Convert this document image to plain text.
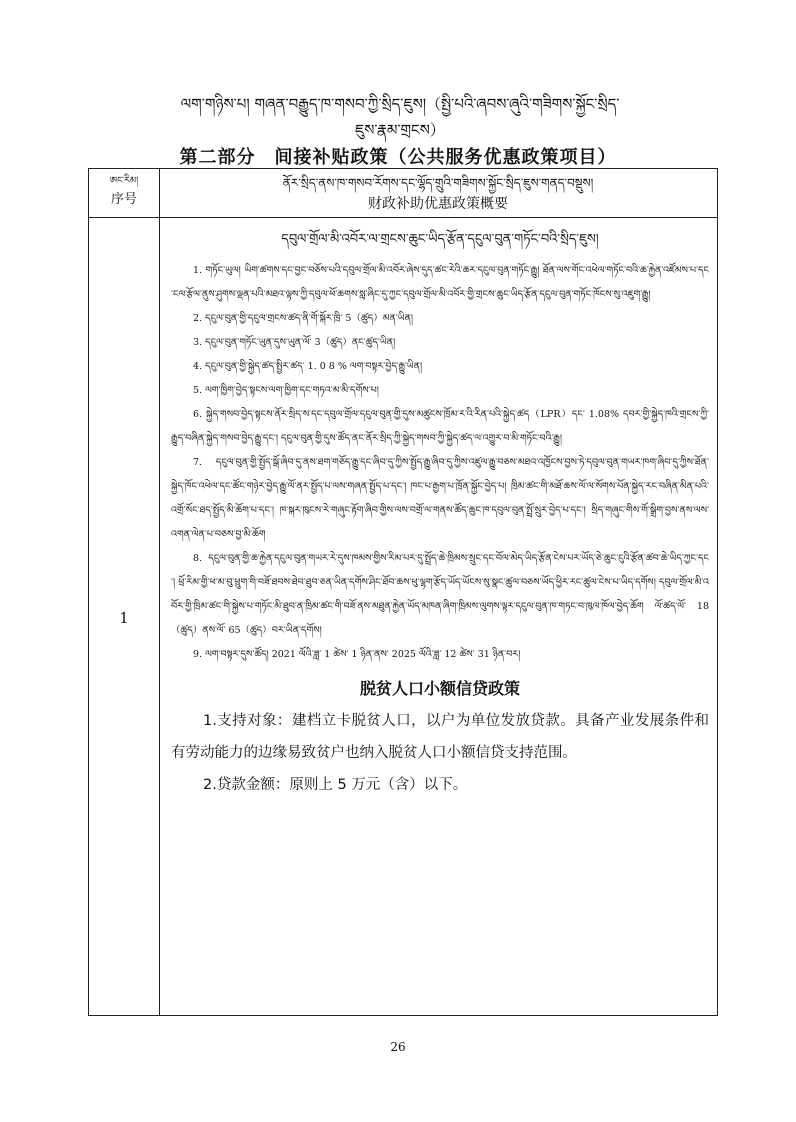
ལག་གཉིས་པ། གཞན་བརྒྱུད་ཁ་གསབ་ཀྱི་སྲིད་ཇུས།（སྤྱི་པའི་ཞབས་ཞུའི་གཟིགས་སྐྱོང་སྲིད་
ཇུས་རྣམ་གྲངས）
第二部分　间接补贴政策（公共服务优惠政策项目）
ཨང་རིམ།
序号
ནོར་སྲིད་ནས་ཁ་གསབ་རོགས་དང་ལྷོད་གྲུའི་གཟིགས་སྐྱོང་སྲིད་ཇུས་གནད་བསྡུས།
财政补助优惠政策概要
1
དབུལ་གྲོལ་མི་འབོར་ལ་གྲངས་ཆུང་ཡིད་རྩོན་དངུལ་བུན་གཏོང་བའི་སྲིད་ཇུས།

1. གཏོང་ཡུལ། ཡིག་ཚགས་དང་བྱང་བཅོས་པའི་དབུལ་གྲོལ་མི་འབོར་ཞེས་དུད་ཚང་རེའི་ཆར་དངུལ་བུན་གཏོང་རྒྱུ། ཐོན་ལས་གོང་འཕེལ་གཏོང་བའི་ཆ་རྐྱེན་འཛོམས་པ་དང་ངལ་རྩོལ་ནུས་ཤུགས་ལྡན་པའི་མཐའ་ལྟས་ཀྱི་དབུལ་ཕོ་ཆགས་སླ་ཞིང་དུ་ཀྱང་དབུལ་གྲོལ་མི་འབོར་གྱི་གྲངས་ཆུང་ཡིད་རྩོན་དངུལ་བུན་གཏོང་ཁོངས་སུ་འཇུག་རྒྱུ།

2. དངུལ་བུན་གྱི་དངུལ་གྲངས་ཚད་ནི་གོ་སྐོར་ཁྲི་ 5（ཚུད）མན་ཡིན།

3. དངུལ་བུན་གཏོང་ཡུན་དུས་ཡུན་ལོ་ 3（ཚུད）ནང་ཚུད་ཡིན།

4. དངུལ་བུན་གྱི་སྐྱེད་ཚད་སྤྱིར་ཚད་ 1. 0 8 % ལག་བསྟར་བྱེད་རྒྱུ་ཡིན།

5. ལག་ཁྱིག་བྱེད་སྟངས་ལག་ཁྱིག་དང་གཏའ་མ་མི་དགོས་པ།

6. སྐྱེད་གསབ་བྱེད་སྟངས་ནོར་སྲིད་ས་དང་དབུལ་གྲོལ་དངུལ་བུན་གྱི་དུས་མཚུངས་ཁྲོམ་ར་འི་རིན་པའི་སྐྱེད་ཚད（LPR）དང་ 1.08% དབར་གྱི་སྐྱེད་ཁའི་གྲངས་ཀྱི་རྒྱུད་བཞིན་སྐྱེད་གསབ་བྱེད་རྒྱུ་དང་། དངུལ་བུན་གྱི་དུས་ཚོད་ནང་ནོར་སྲིད་ཀྱི་སྐྱེད་གསབ་ཀྱི་སྐྱེད་ཚད་ལ་འགྱུར་བ་མི་གཏོང་བའི་རྒྱུ།

7. དངུལ་བུན་གྱི་སྤྱོད་སྒོ་ཞིབ་དུ་ནས་ཐག་གཅོད་རྒྱུ་དང་ཞིབ་དུ་ཀྱིས་སྤྱོད་རྒྱུ་ཞིབ་དུ་ཀྱིས་འཛུལ་རྒྱུ་བཅས་མཐའ་འཁྱོངས་བྱས་ཏེ་དབུལ་བུན་གཡར་ཁག་ཞིབ་དུ་ཀྱིས་ཐོན་སྐྱེད་ཁོང་འཕེལ་དང་ཚོང་གཉེར་བྱེད་རྒྱུ་ལོ་ནར་སྤྱོད་པ་ལས་གཞན་སྤྱོད་པ་དང་། ཁང་པ་རྒྱག་པ་ཁྲོན་སྐྱོང་བྱེད་པ། ཁྲིམ་ཚང་གི་མཐོ་ཆས་ལོ་ལ་སོགས་པོན་སྐྱེད་རང་བཞིན་མིན་པའི་འགྲོ་སོང་ཐད་སྤྱོད་མི་ཆོག་པ་དང་། ཁ་སྐར་ཁུངས་རེ་གཞུང་རྟོག་ཞིབ་གྱིས་ལས་བགྲོ་ལ་གནས་ཚོད་ཆུང་ཁ་དབུལ་བུན་སྤྲོ་སྲུར་བྱེད་པ་དང་། སྲིད་གཞུང་གིས་གོ་སྒྲིག་བྱས་ནས་ལས་འགན་ལེན་པ་བཅས་བྱ་མི་ཆོག

8. དངུལ་བུན་གྱི་ཆ་རྐྱེན་དངུལ་བུན་གཡར་རེ་དུས་ཁམས་གྱིས་རིམ་པར་དུ་སྤྲོད་ཆེ་ཁྲིམས་སྲུང་དང་བོལ་མེད་ཡིད་རྩོན་ངེས་པར་ཡོད་ཅེ་ཆུང་ངུའི་རྩོན་ཚབ་ཆེ་ཡིད་ཀྱང་དང་། ཕྲོ་རིམ་གྱི་ཕ་མ་བུ་ཕྲུག་གི་བཟོ་ཐབས་ཐེབ་ཐུབ་ཅན་ཡིན་དགོས་ཤིང་ཐོབ་ཆས་ཕུ་ལྷག་རྩོད་ཡོད་ཡོངས་སུ་སྣང་ཚུལ་བཅས་ཡོད་ཕྱིར་རང་ཚུལ་ངེས་པ་ཡིད་དགོས། དབུལ་གྲོལ་མི་འབོར་གྱི་ཁྲིམ་ཚང་གི་སྐྱེས་པ་གཏོང་མི་ཐུབ་ན་ཁྲིམ་ཚང་གི་བཟོ་ནས་མཐུན་རྐྱེན་ཡོད་མཁན་ཞིག་ཁྲིམས་ལུགས་ལྟར་དངུལ་བུན་ཁ་གཏང་བ་ཁུལ་ཁོལ་བྱེད་ཆོག ལོ་ཚད་ལོ་ 18（ཚུད）ནས་ལོ་ 65（ཚུད）བར་ཡིན་དགོས།

9. ལག་བསྟར་དུས་ཚོད། 2021 ལོའི་ཟླ་ 1 ཚེས་ 1 ཉིན་ནས་ 2025 ལོའི་ཟླ་ 12 ཚེས་ 31 ཉིན་བར།

脱贫人口小额信贷政策

1.支持对象：建档立卡脱贫人口，以户为单位发放贷款。具备产业发展条件和有劳动能力的边缘易致贫户也纳入脱贫人口小额信贷支持范围。

2.贷款金额：原则上 5 万元（含）以下。

26
